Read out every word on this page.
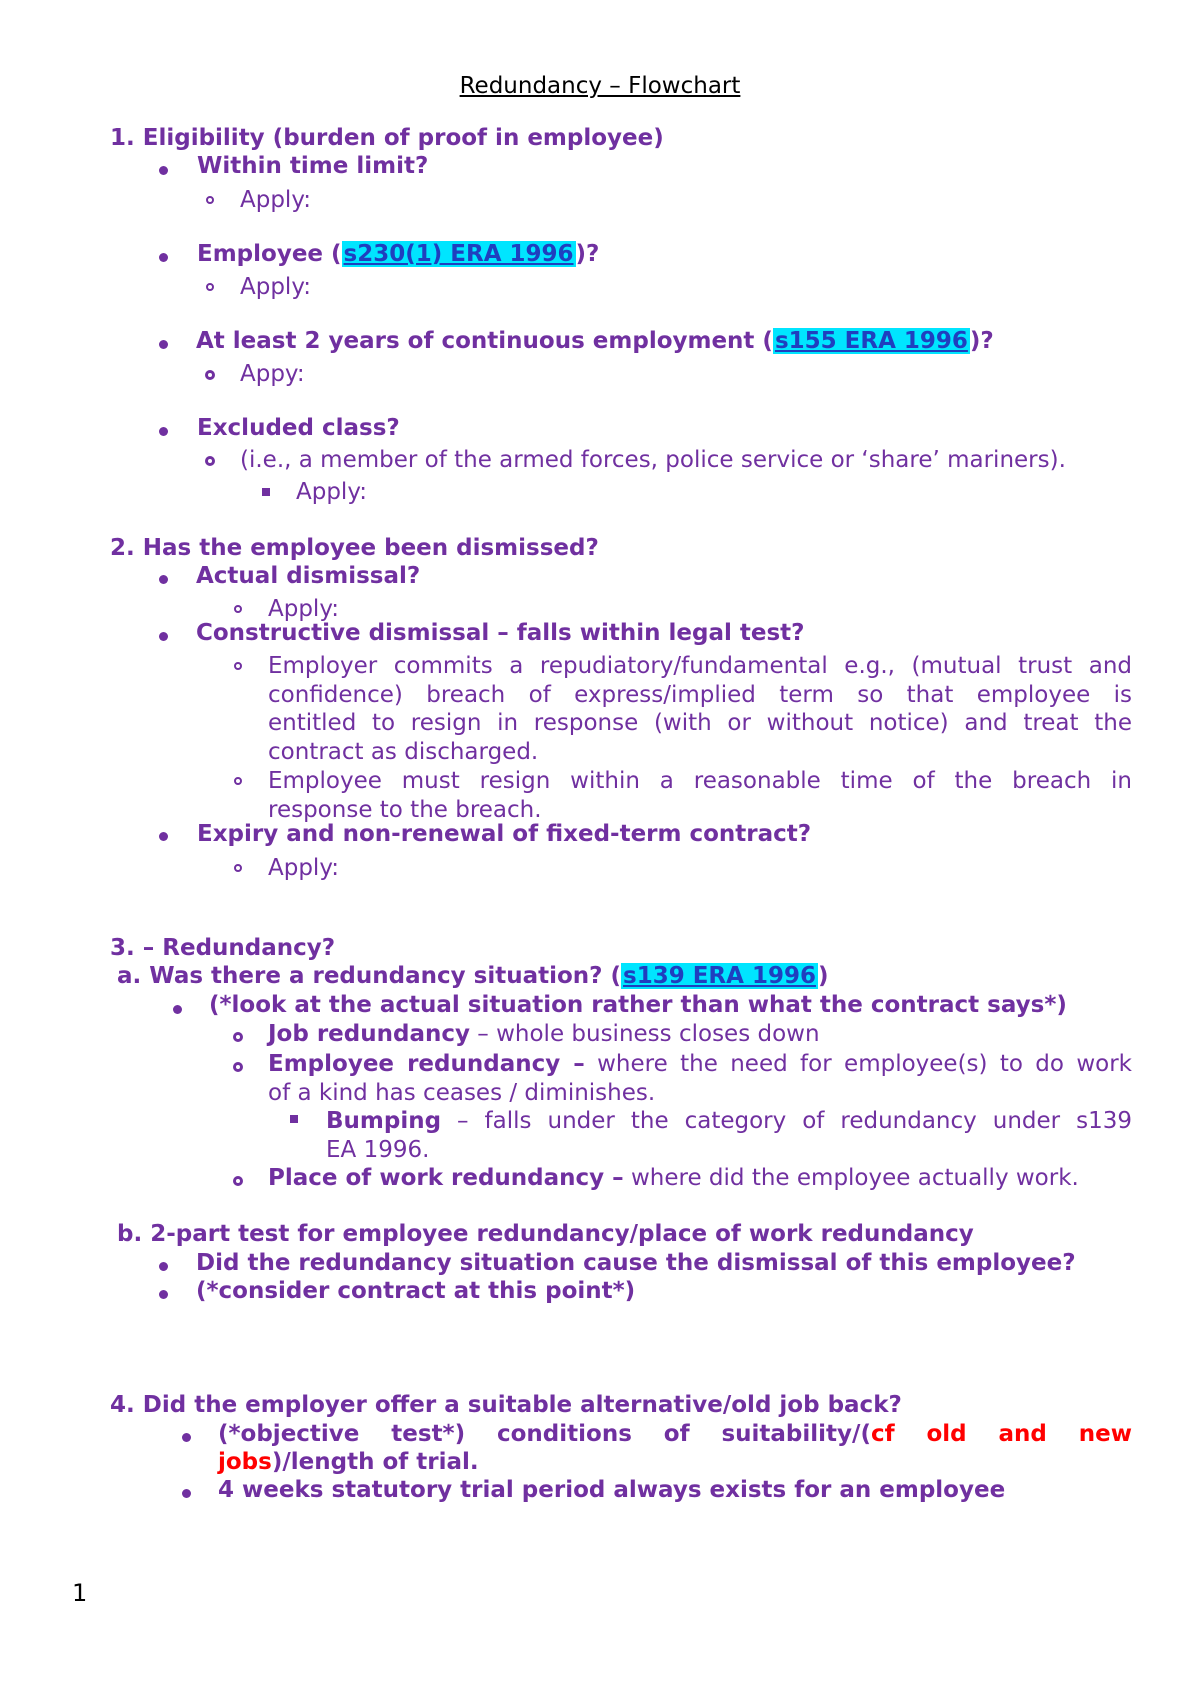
Redundancy – Flowchart
1. Eligibility (burden of proof in employee)
Within time limit?
Apply:
Employee (s230(1) ERA 1996)?
Apply:
At least 2 years of continuous employment (s155 ERA 1996)?
Appy:
Excluded class?
(i.e., a member of the armed forces, police service or ‘share’ mariners).
Apply:
2. Has the employee been dismissed?
Actual dismissal?
Apply:
Constructive dismissal – falls within legal test?
Employer commits a repudiatory/fundamental e.g., (mutual trust and
confidence) breach of express/implied term so that employee is
entitled to resign in response (with or without notice) and treat the
contract as discharged.
Employee must resign within a reasonable time of the breach in
response to the breach.
Expiry and non-renewal of fixed-term contract?
Apply:
3. – Redundancy?
a. Was there a redundancy situation? (s139 ERA 1996)
(*look at the actual situation rather than what the contract says*)
Job redundancy – whole business closes down
Employee redundancy – where the need for employee(s) to do work
of a kind has ceases / diminishes.
Bumping – falls under the category of redundancy under s139
EA 1996.
Place of work redundancy – where did the employee actually work.
b. 2-part test for employee redundancy/place of work redundancy
Did the redundancy situation cause the dismissal of this employee?
(*consider contract at this point*)
4. Did the employer offer a suitable alternative/old job back?
(*objective test*) conditions of suitability/(cf old and new
jobs)/length of trial.
4 weeks statutory trial period always exists for an employee
1
